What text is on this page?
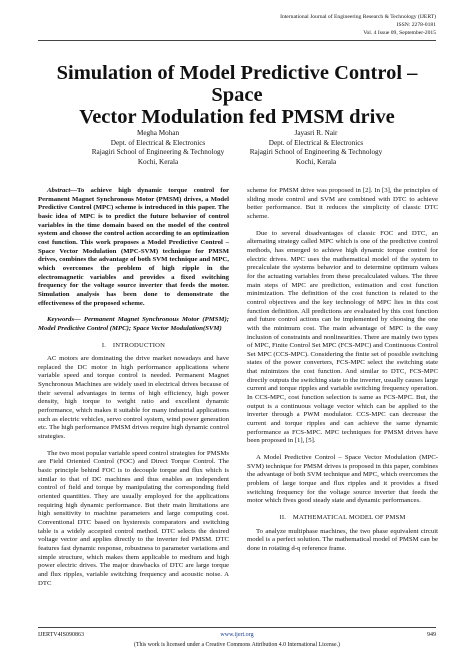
International Journal of Engineering Research & Technology (IJERT)
ISSN: 2278-0181
Vol. 4 Issue 09, September-2015
Simulation of Model Predictive Control – Space
Vector Modulation fed PMSM drive
Megha Mohan
Dept. of Electrical & Electronics
Rajagiri School of Engineering & Technology
Kochi, Kerala
Jayasri R. Nair
Dept. of Electrical & Electronics
Rajagiri School of Engineering & Technology
Kochi, Kerala

Abstract—To achieve high dynamic torque control for Permanent Magnet Synchronous Motor (PMSM) drives, a Model Predictive Control (MPC) scheme is introduced in this paper. The basic idea of MPC is to predict the future behavior of control variables in the time domain based on the model of the control system and choose the control action according to an optimization cost function. This work proposes a Model Predictive Control – Space Vector Modulation (MPC-SVM) technique for PMSM drives, combines the advantage of both SVM technique and MPC, which overcomes the problem of high ripple in the electromagnetic variables and provides a fixed switching frequency for the voltage source inverter that feeds the motor. Simulation analysis has been done to demonstrate the effectiveness of the proposed scheme.

Keywords— Permanent Magnet Synchronous Motor (PMSM); Model Predictive Control (MPC); Space Vector Modulation(SVM)

I. INTRODUCTION

AC motors are dominating the drive market nowadays and have replaced the DC motor in high performance applications where variable speed and torque control is needed. Permanent Magnet Synchronous Machines are widely used in electrical drives because of their several advantages in terms of high efficiency, high power density, high torque to weight ratio and excellent dynamic performance, which makes it suitable for many industrial applications such as electric vehicles, servo control system, wind power generation etc. The high performance PMSM drives require high dynamic control strategies.

The two most popular variable speed control strategies for PMSMs are Field Oriented Control (FOC) and Direct Torque Control. The basic principle behind FOC is to decouple torque and flux which is similar to that of DC machines and thus enables an independent control of field and torque by manipulating the corresponding field oriented quantities. They are usually employed for the applications requiring high dynamic performance. But their main limitations are high sensitivity to machine parameters and large computing cost. Conventional DTC based on hysteresis comparators and switching table is a widely accepted control method. DTC selects the desired voltage vector and applies directly to the inverter fed PMSM. DTC features fast dynamic response, robustness to parameter variations and simple structure, which makes them applicable to medium and high power electric drives. The major drawbacks of DTC are large torque and flux ripples, variable switching frequency and acoustic noise. A DTC

scheme for PMSM drive was proposed in [2]. In [3], the principles of sliding mode control and SVM are combined with DTC to achieve better performance. But it reduces the simplicity of classic DTC scheme.

Due to several disadvantages of classic FOC and DTC, an alternating strategy called MPC which is one of the predictive control methods, has emerged to achieve high dynamic torque control for electric drives. MPC uses the mathematical model of the system to precalculate the systems behavior and to determine optimum values for the actuating variables from these precalculated values. The three main steps of MPC are prediction, estimation and cost function minimization. The definition of the cost function is related to the control objectives and the key technology of MPC lies in this cost function definition. All predictions are evaluated by this cost function and future control actions can be implemented by choosing the one with the minimum cost. The main advantage of MPC is the easy inclusion of constraints and nonlinearities. There are mainly two types of MPC, Finite Control Set MPC (FCS-MPC) and Continuous Control Set MPC (CCS-MPC). Considering the finite set of possible switching states of the power converters, FCS-MPC select the switching state that minimizes the cost function. And similar to DTC, FCS-MPC directly outputs the switching state to the inverter, usually causes large current and torque ripples and variable switching frequency operation. In CCS-MPC, cost function selection is same as FCS-MPC. But, the output is a continuous voltage vector which can be applied to the inverter through a PWM modulator. CCS-MPC can decrease the current and torque ripples and can achieve the same dynamic performance as FCS-MPC. MPC techniques for PMSM drives have been proposed in [1], [5].

A Model Predictive Control – Space Vector Modulation (MPC-SVM) technique for PMSM drives is proposed in this paper, combines the advantage of both SVM technique and MPC, which overcomes the problem of large torque and flux ripples and it provides a fixed switching frequency for the voltage source inverter that feeds the motor which fives good steady state and dynamic performances.

II. MATHEMATICAL MODEL OF PMSM

To analyze multiphase machines, the two phase equivalent circuit model is a perfect solution. The mathematical model of PMSM can be done in rotating d-q reference frame.

IJERTV4IS090863	www.ijert.org	949
(This work is licensed under a Creative Commons Attribution 4.0 International License.)
